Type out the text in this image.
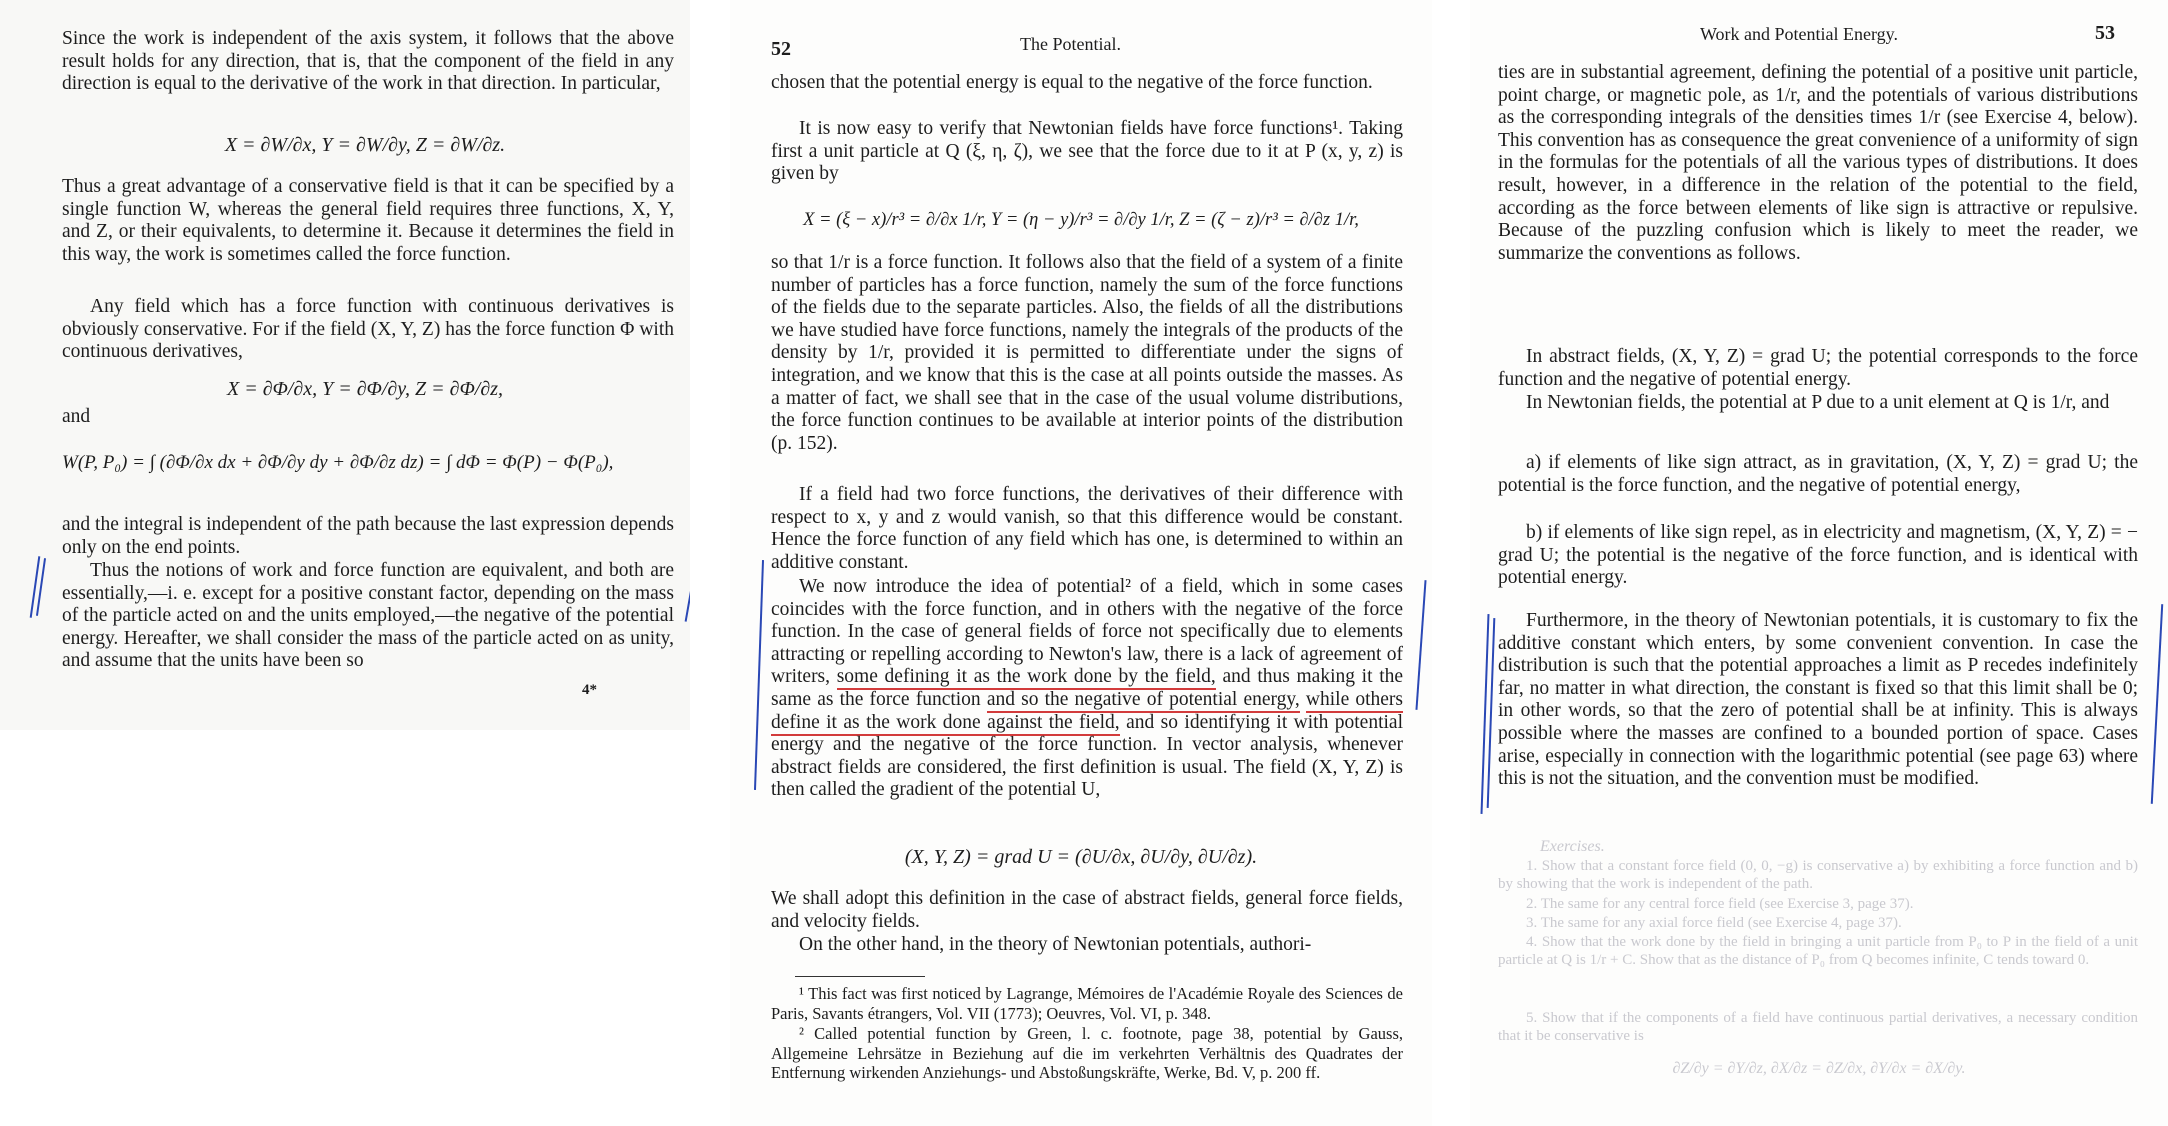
Since the work is independent of the axis system, it follows that the above result holds for any direction, that is, that the component of the field in any direction is equal to the derivative of the work in that direction. In particular,

X = ∂W/∂x, Y = ∂W/∂y, Z = ∂W/∂z.

Thus a great advantage of a conservative field is that it can be specified by a single function W, whereas the general field requires three functions, X, Y, and Z, or their equivalents, to determine it. Because it determines the field in this way, the work is sometimes called the force function.

Any field which has a force function with continuous derivatives is obviously conservative. For if the field (X, Y, Z) has the force function Φ with continuous derivatives,

X = ∂Φ/∂x, Y = ∂Φ/∂y, Z = ∂Φ/∂z,

and

W(P, P₀) = ∫ (∂Φ/∂x dx + ∂Φ/∂y dy + ∂Φ/∂z dz) = ∫ dΦ = Φ(P) − Φ(P₀),

and the integral is independent of the path because the last expression depends only on the end points.

Thus the notions of work and force function are equivalent, and both are essentially,—i. e. except for a positive constant factor, depending on the mass of the particle acted on and the units employed,—the negative of the potential energy. Hereafter, we shall consider the mass of the particle acted on as unity, and assume that the units have been so

4*
52	The Potential.

chosen that the potential energy is equal to the negative of the force function.

It is now easy to verify that Newtonian fields have force functions¹. Taking first a unit particle at Q (ξ, η, ζ), we see that the force due to it at P (x, y, z) is given by

X = (ξ − x)/r³ = ∂/∂x 1/r, Y = (η − y)/r³ = ∂/∂y 1/r, Z = (ζ − z)/r³ = ∂/∂z 1/r,

so that 1/r is a force function. It follows also that the field of a system of a finite number of particles has a force function, namely the sum of the force functions of the fields due to the separate particles. Also, the fields of all the distributions we have studied have force functions, namely the integrals of the products of the density by 1/r, provided it is permitted to differentiate under the signs of integration, and we know that this is the case at all points outside the masses. As a matter of fact, we shall see that in the case of the usual volume distributions, the force function continues to be available at interior points of the distribution (p. 152).

If a field had two force functions, the derivatives of their difference with respect to x, y and z would vanish, so that this difference would be constant. Hence the force function of any field which has one, is determined to within an additive constant.

We now introduce the idea of potential² of a field, which in some cases coincides with the force function, and in others with the negative of the force function. In the case of general fields of force not specifically due to elements attracting or repelling according to Newton's law, there is a lack of agreement of writers, some defining it as the work done by the field, and thus making it the same as the force function and so the negative of potential energy, while others define it as the work done against the field, and so identifying it with potential energy and the negative of the force function. In vector analysis, whenever abstract fields are considered, the first definition is usual. The field (X, Y, Z) is then called the gradient of the potential U,

(X, Y, Z) = grad U = (∂U/∂x, ∂U/∂y, ∂U/∂z).

We shall adopt this definition in the case of abstract fields, general force fields, and velocity fields.

On the other hand, in the theory of Newtonian potentials, authori-

¹ This fact was first noticed by Lagrange, Mémoires de l'Académie Royale des Sciences de Paris, Savants étrangers, Vol. VII (1773); Oeuvres, Vol. VI, p. 348.

² Called potential function by Green, l. c. footnote, page 38, potential by Gauss, Allgemeine Lehrsätze in Beziehung auf die im verkehrten Verhältnis des Quadrates der Entfernung wirkenden Anziehungs- und Abstoßungskräfte, Werke, Bd. V, p. 200 ff.

Work and Potential Energy.	53

ties are in substantial agreement, defining the potential of a positive unit particle, point charge, or magnetic pole, as 1/r, and the potentials of various distributions as the corresponding integrals of the densities times 1/r (see Exercise 4, below). This convention has as consequence the great convenience of a uniformity of sign in the formulas for the potentials of all the various types of distributions. It does result, however, in a difference in the relation of the potential to the field, according as the force between elements of like sign is attractive or repulsive. Because of the puzzling confusion which is likely to meet the reader, we summarize the conventions as follows.

In abstract fields, (X, Y, Z) = grad U; the potential corresponds to the force function and the negative of potential energy.

In Newtonian fields, the potential at P due to a unit element at Q is 1/r, and

a) if elements of like sign attract, as in gravitation, (X, Y, Z) = grad U; the potential is the force function, and the negative of potential energy,

b) if elements of like sign repel, as in electricity and magnetism, (X, Y, Z) = − grad U; the potential is the negative of the force function, and is identical with potential energy.

Furthermore, in the theory of Newtonian potentials, it is customary to fix the additive constant which enters, by some convenient convention. In case the distribution is such that the potential approaches a limit as P recedes indefinitely far, no matter in what direction, the constant is fixed so that this limit shall be 0; in other words, so that the zero of potential shall be at infinity. This is always possible where the masses are confined to a bounded portion of space. Cases arise, especially in connection with the logarithmic potential (see page 63) where this is not the situation, and the convention must be modified.

Exercises.

1. Show that a constant force field (0, 0, −g) is conservative a) by exhibiting a force function and b) by showing that the work is independent of the path.

2. The same for any central force field (see Exercise 3, page 37).

3. The same for any axial force field (see Exercise 4, page 37).

4. Show that the work done by the field in bringing a unit particle from P₀ to P in the field of a unit particle at Q is 1/r + C. Show that as the distance of P₀ from Q becomes infinite, C tends toward 0.

5. Show that if the components of a field have continuous partial derivatives, a necessary condition that it be conservative is

∂Z/∂y = ∂Y/∂z, ∂X/∂z = ∂Z/∂x, ∂Y/∂x = ∂X/∂y.
